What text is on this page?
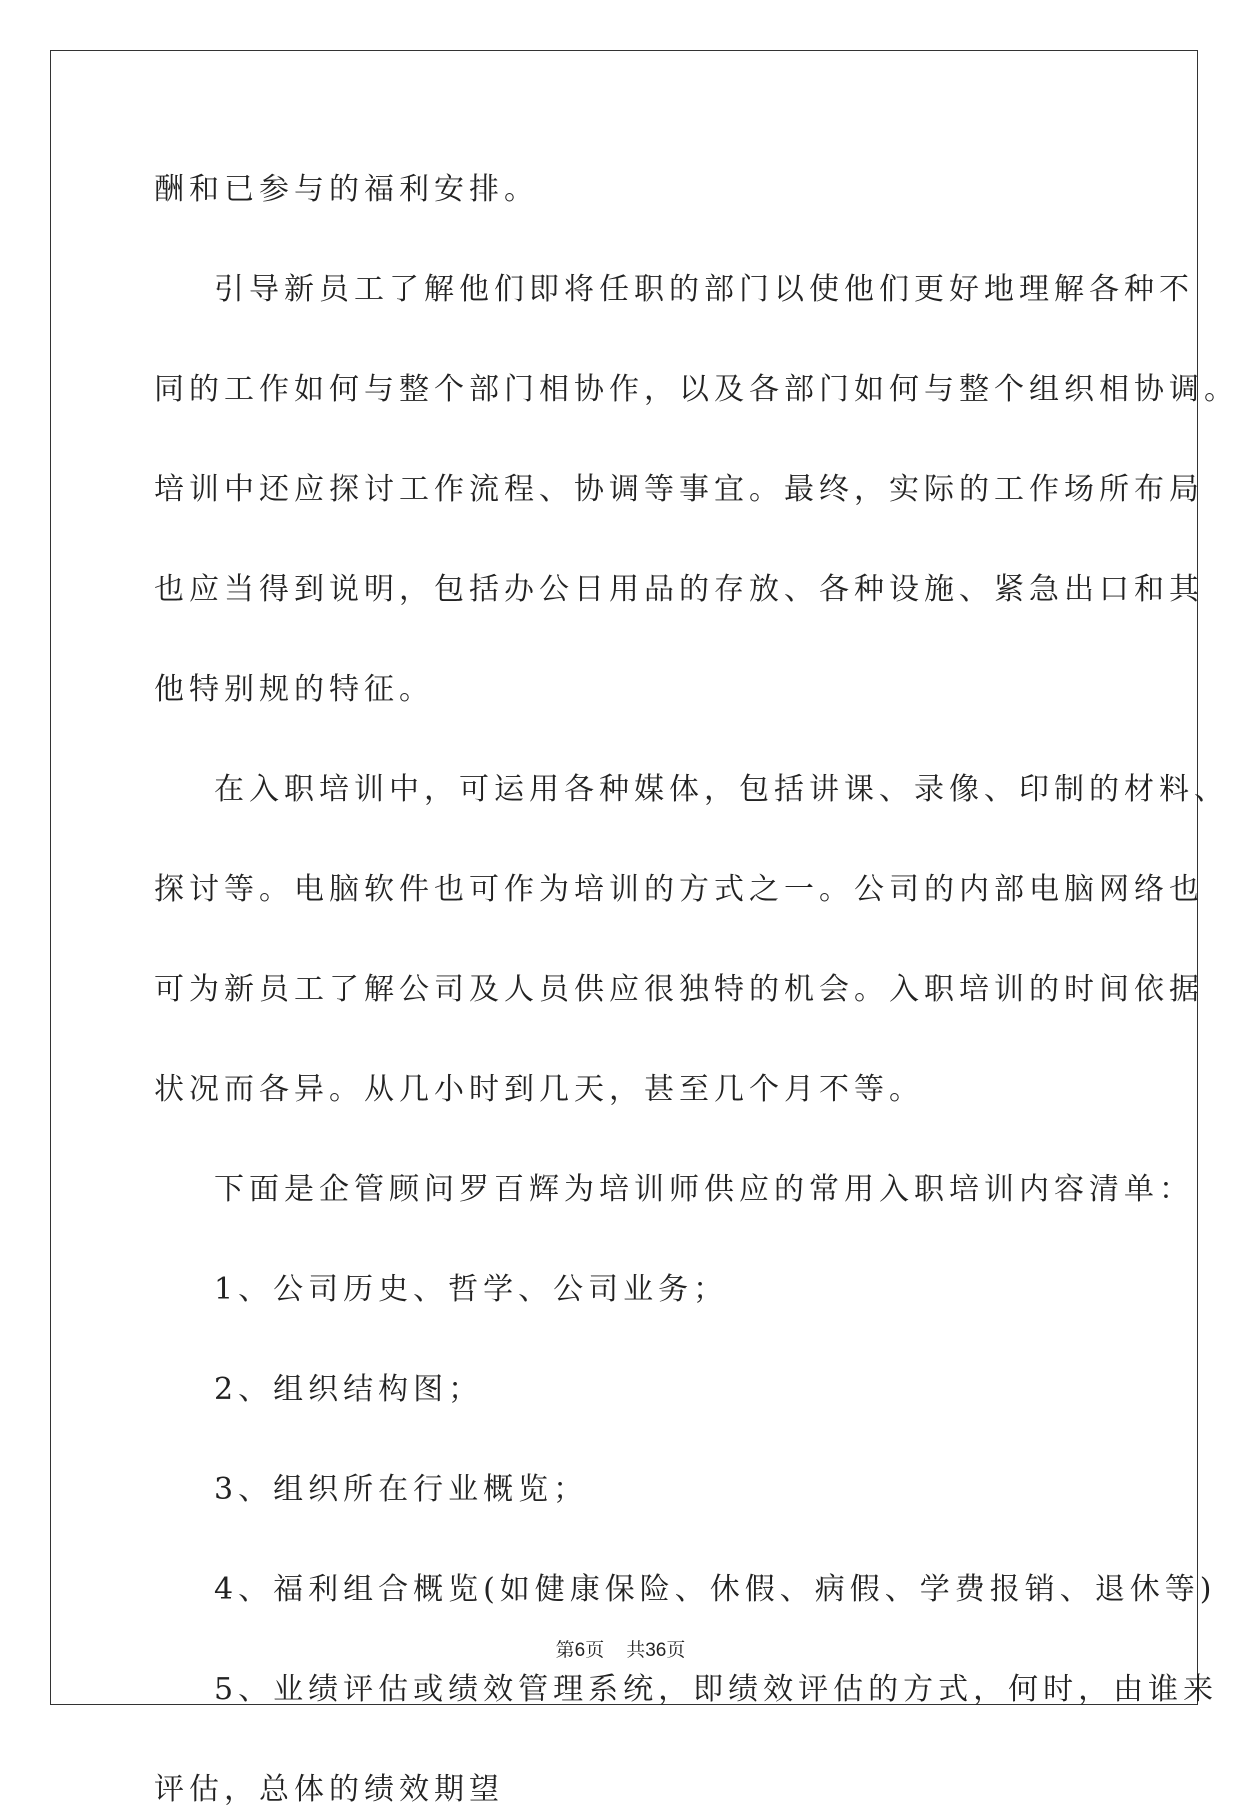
酬和已参与的福利安排。
引导新员工了解他们即将任职的部门以使他们更好地理解各种不
同的工作如何与整个部门相协作，以及各部门如何与整个组织相协调。
培训中还应探讨工作流程、协调等事宜。最终，实际的工作场所布局
也应当得到说明，包括办公日用品的存放、各种设施、紧急出口和其
他特别规的特征。
在入职培训中，可运用各种媒体，包括讲课、录像、印制的材料、
探讨等。电脑软件也可作为培训的方式之一。公司的内部电脑网络也
可为新员工了解公司及人员供应很独特的机会。入职培训的时间依据
状况而各异。从几小时到几天，甚至几个月不等。
下面是企管顾问罗百辉为培训师供应的常用入职培训内容清单：
1、公司历史、哲学、公司业务；
2、组织结构图；
3、组织所在行业概览；
4、福利组合概览(如健康保险、休假、病假、学费报销、退休等)
5、业绩评估或绩效管理系统，即绩效评估的方式，何时，由谁来
评估，总体的绩效期望
第6页 共36页
